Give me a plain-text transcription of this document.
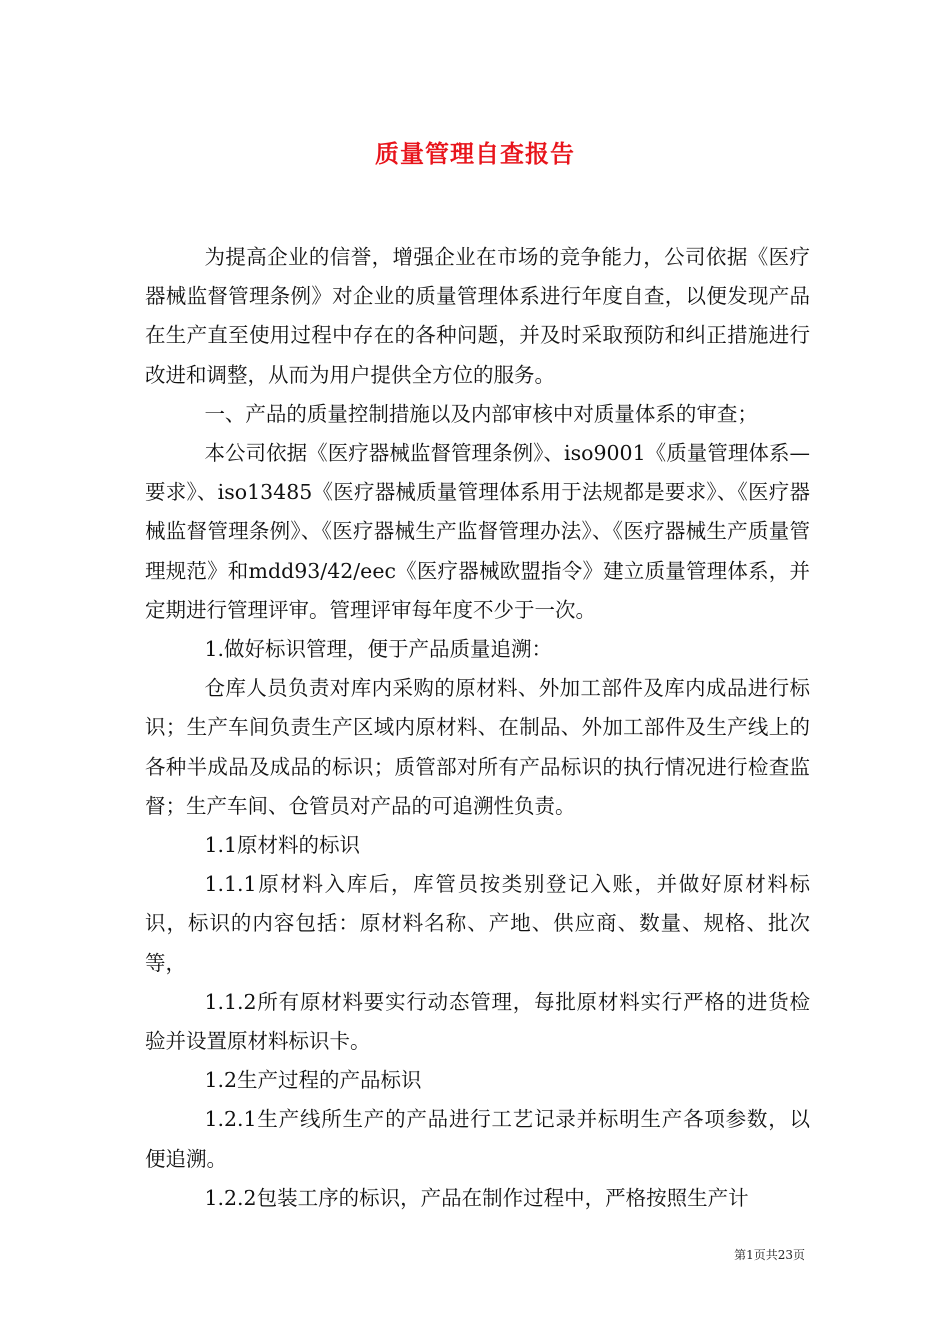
质量管理自查报告

为提高企业的信誉，增强企业在市场的竞争能力，公司依据《医疗器械监督管理条例》对企业的质量管理体系进行年度自查，以便发现产品在生产直至使用过程中存在的各种问题，并及时采取预防和纠正措施进行改进和调整，从而为用户提供全方位的服务。

一、产品的质量控制措施以及内部审核中对质量体系的审查；

本公司依据《医疗器械监督管理条例》、iso9001《质量管理体系—要求》、iso13485《医疗器械质量管理体系用于法规都是要求》、《医疗器械监督管理条例》、《医疗器械生产监督管理办法》、《医疗器械生产质量管理规范》和mdd93/42/eec《医疗器械欧盟指令》建立质量管理体系，并定期进行管理评审。管理评审每年度不少于一次。

1.做好标识管理，便于产品质量追溯：

仓库人员负责对库内采购的原材料、外加工部件及库内成品进行标识；生产车间负责生产区域内原材料、在制品、外加工部件及生产线上的各种半成品及成品的标识；质管部对所有产品标识的执行情况进行检查监督；生产车间、仓管员对产品的可追溯性负责。

1.1原材料的标识

1.1.1原材料入库后，库管员按类别登记入账，并做好原材料标识，标识的内容包括：原材料名称、产地、供应商、数量、规格、批次等，

1.1.2所有原材料要实行动态管理，每批原材料实行严格的进货检验并设置原材料标识卡。

1.2生产过程的产品标识

1.2.1生产线所生产的产品进行工艺记录并标明生产各项参数，以便追溯。

1.2.2包装工序的标识，产品在制作过程中，严格按照生产计

第1页共23页
